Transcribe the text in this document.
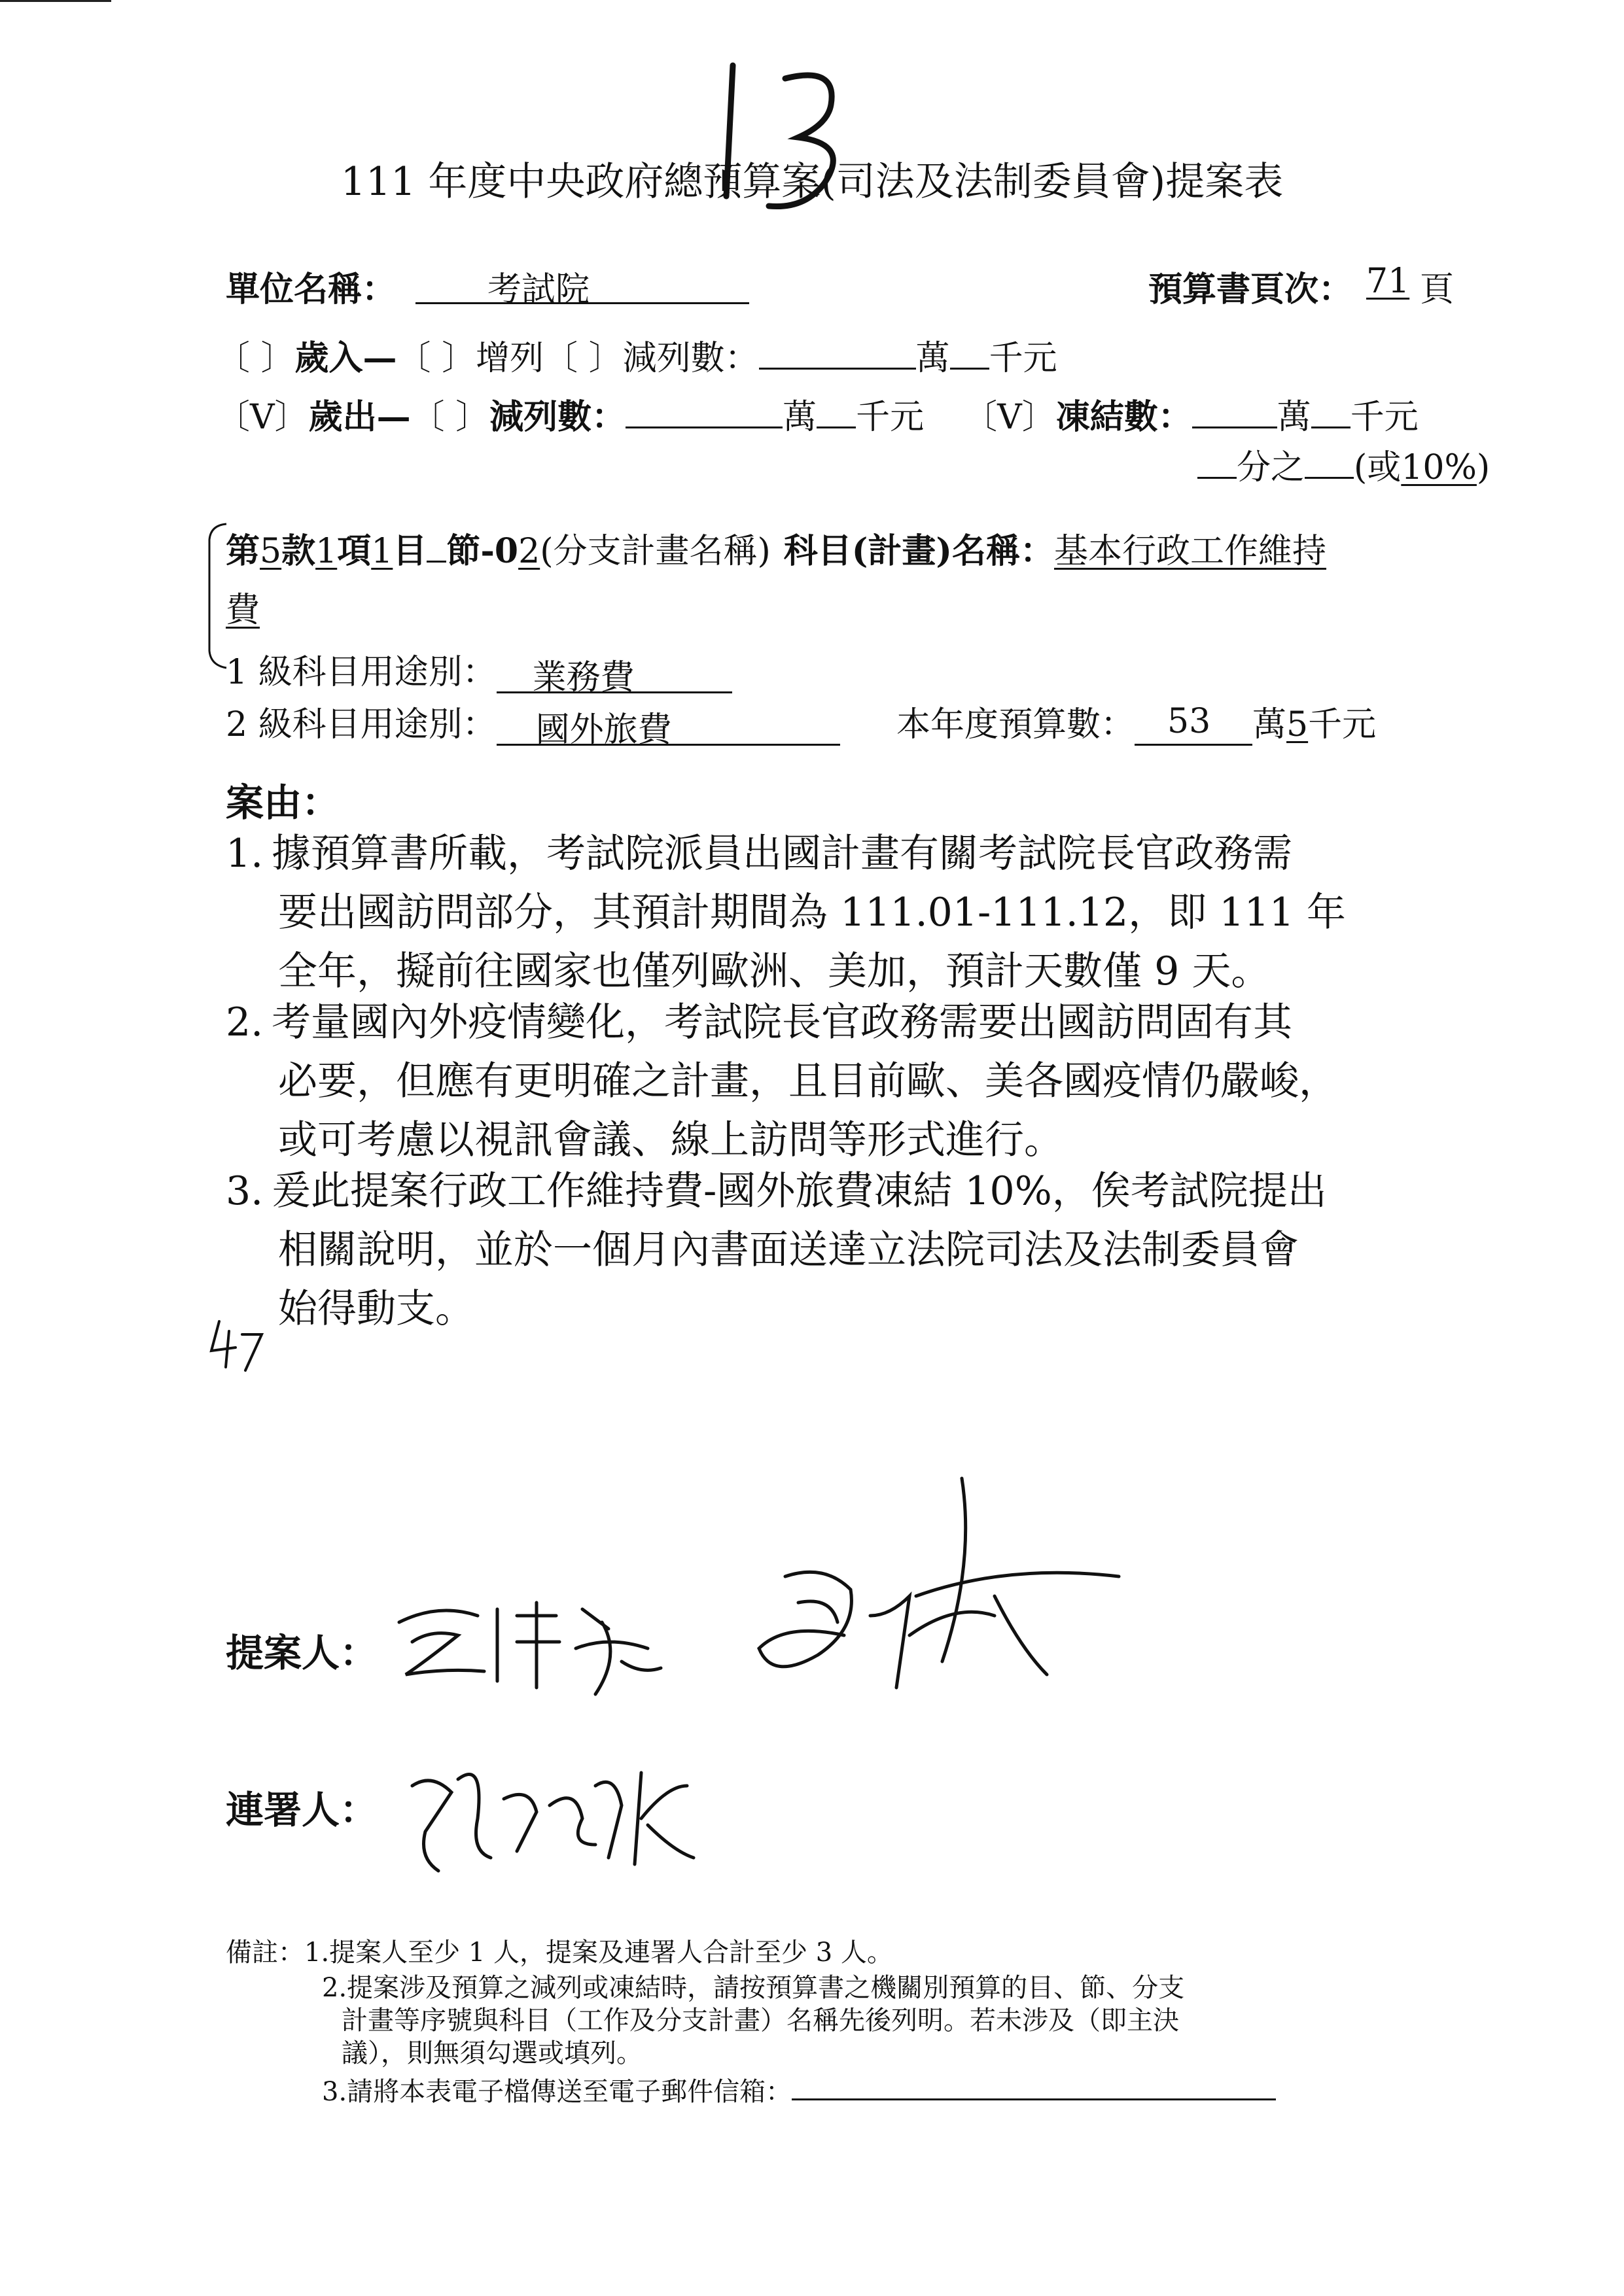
111 年度中央政府總預算案(司法及法制委員會)提案表
單位名稱：	考試院	預算書頁次： 71 頁
〔 〕歲入—〔 〕增列〔 〕減列數：	萬 千元
〔V〕歲出—〔 〕減列數：	萬 千元 〔V〕凍結數：	萬 千元
分之 (或10%)
第5款1項1目 節-02(分支計畫名稱) 科目(計畫)名稱：基本行政工作維持
費
1 級科目用途別： 業務費
2 級科目用途別： 國外旅費	本年度預算數： 53 萬5千元
案由：
1. 據預算書所載，考試院派員出國計畫有關考試院長官政務需
要出國訪問部分，其預計期間為 111.01-111.12，即 111 年
全年，擬前往國家也僅列歐洲、美加，預計天數僅 9 天。
2. 考量國內外疫情變化，考試院長官政務需要出國訪問固有其
必要，但應有更明確之計畫，且目前歐、美各國疫情仍嚴峻，
或可考慮以視訊會議、線上訪問等形式進行。
3. 爰此提案行政工作維持費-國外旅費凍結 10%，俟考試院提出
相關說明，並於一個月內書面送達立法院司法及法制委員會
始得動支。
提案人：
連署人：
備註：1.提案人至少 1 人，提案及連署人合計至少 3 人。
2.提案涉及預算之減列或凍結時，請按預算書之機關別預算的目、節、分支
計畫等序號與科目（工作及分支計畫）名稱先後列明。若未涉及（即主決
議），則無須勾選或填列。
3.請將本表電子檔傳送至電子郵件信箱：
